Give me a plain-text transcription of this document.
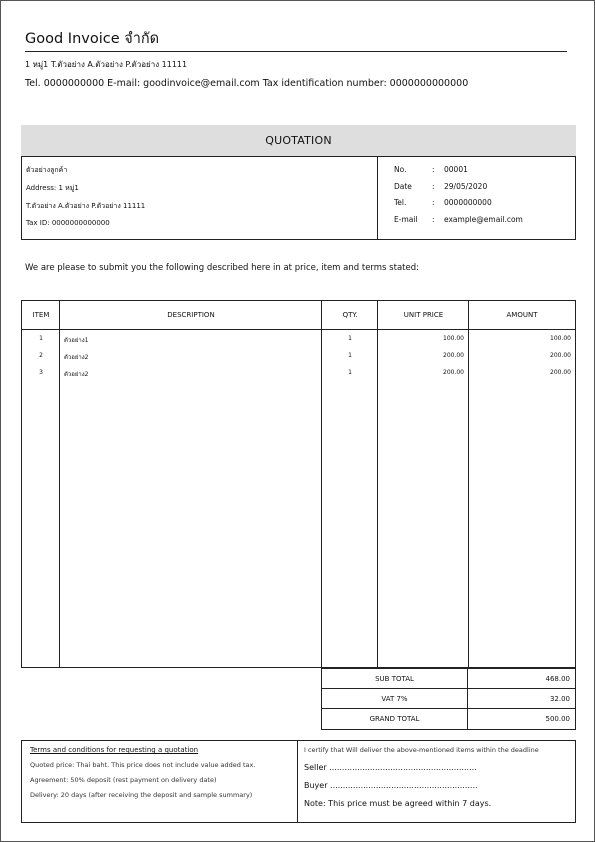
Good Invoice จำกัด
1 หมู่1 T.ตัวอย่าง A.ตัวอย่าง P.ตัวอย่าง 11111
Tel. 0000000000 E-mail: goodinvoice@email.com Tax identification number: 0000000000000
QUOTATION
ตัวอย่างลูกค้า
Address: 1 หมู่1
T.ตัวอย่าง A.ตัวอย่าง P.ตัวอย่าง 11111
Tax ID: 0000000000000
No.	:	00001
Date	:	29/05/2020
Tel.	:	0000000000
E-mail	:	example@email.com
We are please to submit you the following described here in at price, item and terms stated:
ITEM	DESCRIPTION	QTY.	UNIT PRICE	AMOUNT
1	ตัวอย่าง1	1	100.00	100.00
2	ตัวอย่าง2	1	200.00	200.00
3	ตัวอย่าง2	1	200.00	200.00
SUB TOTAL	468.00
VAT 7%	32.00
GRAND TOTAL	500.00
Terms and conditions for requesting a quotation
Quoted price: Thai baht. This price does not include value added tax.
Agreement: 50% deposit (rest payment on delivery date)
Delivery: 20 days (after receiving the deposit and sample summary)
I certify that Will deliver the above-mentioned items within the deadline
Seller ..........................................................
Buyer ..........................................................
Note: This price must be agreed within 7 days.
